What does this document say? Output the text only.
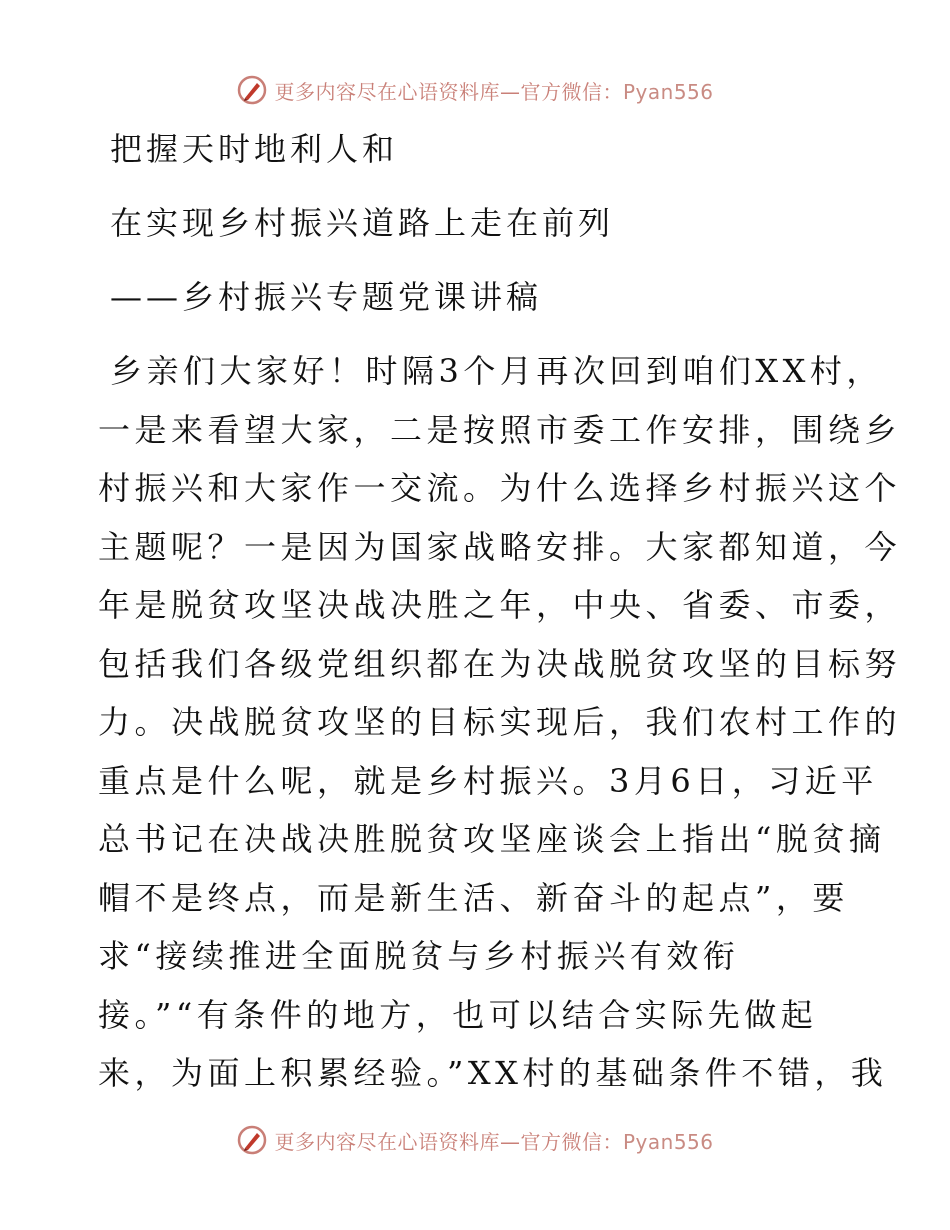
更多内容尽在心语资料库—官方微信：Pyan556
把握天时地利人和
在实现乡村振兴道路上走在前列
——乡村振兴专题党课讲稿
乡亲们大家好！时隔3个月再次回到咱们XX村，
一是来看望大家，二是按照市委工作安排，围绕乡
村振兴和大家作一交流。为什么选择乡村振兴这个
主题呢？一是因为国家战略安排。大家都知道，今
年是脱贫攻坚决战决胜之年，中央、省委、市委，
包括我们各级党组织都在为决战脱贫攻坚的目标努
力。决战脱贫攻坚的目标实现后，我们农村工作的
重点是什么呢，就是乡村振兴。3月6日，习近平
总书记在决战决胜脱贫攻坚座谈会上指出“脱贫摘
帽不是终点，而是新生活、新奋斗的起点”，要
求“接续推进全面脱贫与乡村振兴有效衔
接。”“有条件的地方，也可以结合实际先做起
来，为面上积累经验。”XX村的基础条件不错，我
更多内容尽在心语资料库—官方微信：Pyan556
